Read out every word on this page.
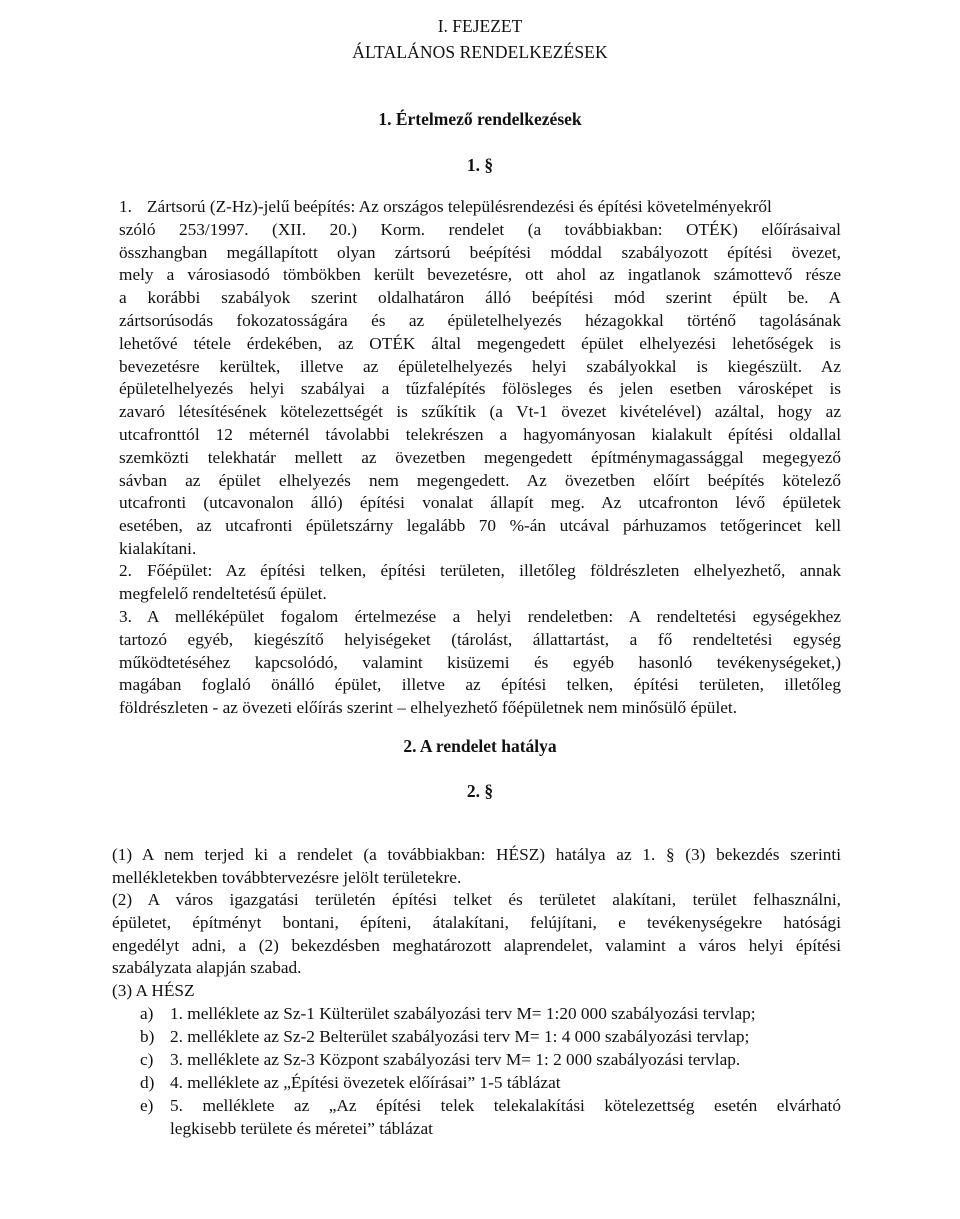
I. FEJEZET
ÁLTALÁNOS RENDELKEZÉSEK
1. Értelmező rendelkezések
1. §
1. Zártsorú (Z-Hz)-jelű beépítés: Az országos településrendezési és építési követelményekről
szóló 253/1997. (XII. 20.) Korm. rendelet (a továbbiakban: OTÉK) előírásaival
összhangban megállapított olyan zártsorú beépítési móddal szabályozott építési övezet,
mely a városiasodó tömbökben került bevezetésre, ott ahol az ingatlanok számottevő része
a korábbi szabályok szerint oldalhatáron álló beépítési mód szerint épült be. A
zártsorúsodás fokozatosságára és az épületelhelyezés hézagokkal történő tagolásának
lehetővé tétele érdekében, az OTÉK által megengedett épület elhelyezési lehetőségek is
bevezetésre kerültek, illetve az épületelhelyezés helyi szabályokkal is kiegészült. Az
épületelhelyezés helyi szabályai a tűzfalépítés fölösleges és jelen esetben városképet is
zavaró létesítésének kötelezettségét is szűkítik (a Vt-1 övezet kivételével) azáltal, hogy az
utcafronttól 12 méternél távolabbi telekrészen a hagyományosan kialakult építési oldallal
szemközti telekhatár mellett az övezetben megengedett építménymagassággal megegyező
sávban az épület elhelyezés nem megengedett. Az övezetben előírt beépítés kötelező
utcafronti (utcavonalon álló) építési vonalat állapít meg. Az utcafronton lévő épületek
esetében, az utcafronti épületszárny legalább 70 %-án utcával párhuzamos tetőgerincet kell
kialakítani.
2. Főépület: Az építési telken, építési területen, illetőleg földrészleten elhelyezhető, annak
megfelelő rendeltetésű épület.
3. A melléképület fogalom értelmezése a helyi rendeletben: A rendeltetési egységekhez
tartozó egyéb, kiegészítő helyiségeket (tárolást, állattartást, a fő rendeltetési egység
működtetéséhez kapcsolódó, valamint kisüzemi és egyéb hasonló tevékenységeket,)
magában foglaló önálló épület, illetve az építési telken, építési területen, illetőleg
földrészleten - az övezeti előírás szerint – elhelyezhető főépületnek nem minősülő épület.
2. A rendelet hatálya
2. §
(1) A nem terjed ki a rendelet (a továbbiakban: HÉSZ) hatálya az 1. § (3) bekezdés szerinti
mellékletekben továbbtervezésre jelölt területekre.
(2) A város igazgatási területén építési telket és területet alakítani, terület felhasználni,
épületet, építményt bontani, építeni, átalakítani, felújítani, e tevékenységekre hatósági
engedélyt adni, a (2) bekezdésben meghatározott alaprendelet, valamint a város helyi építési
szabályzata alapján szabad.
(3) A HÉSZ
a) 1. melléklete az Sz-1 Külterület szabályozási terv M= 1:20 000 szabályozási tervlap;
b) 2. melléklete az Sz-2 Belterület szabályozási terv M= 1: 4 000 szabályozási tervlap;
c) 3. melléklete az Sz-3 Központ szabályozási terv M= 1: 2 000 szabályozási tervlap.
d) 4. melléklete az „Építési övezetek előírásai” 1-5 táblázat
e) 5. melléklete az „Az építési telek telekalakítási kötelezettség esetén elvárható
legkisebb területe és méretei” táblázat
